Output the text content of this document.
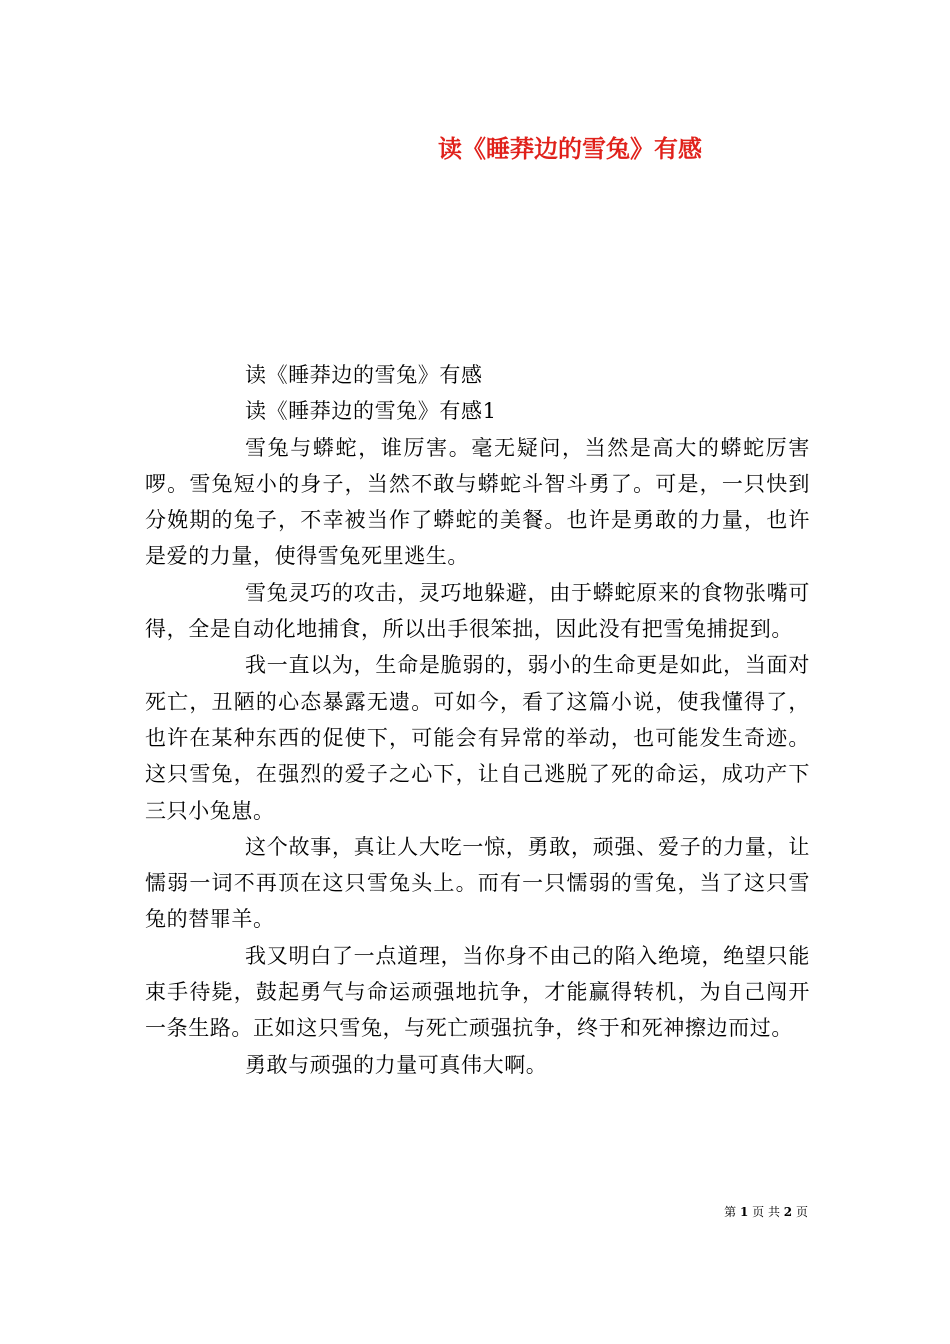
读《睡莽边的雪兔》有感

读《睡莽边的雪兔》有感

读《睡莽边的雪兔》有感1

雪兔与蟒蛇，谁厉害。毫无疑问，当然是高大的蟒蛇厉害啰。雪兔短小的身子，当然不敢与蟒蛇斗智斗勇了。可是，一只快到分娩期的兔子，不幸被当作了蟒蛇的美餐。也许是勇敢的力量，也许是爱的力量，使得雪兔死里逃生。

雪兔灵巧的攻击，灵巧地躲避，由于蟒蛇原来的食物张嘴可得，全是自动化地捕食，所以出手很笨拙，因此没有把雪兔捕捉到。

我一直以为，生命是脆弱的，弱小的生命更是如此，当面对死亡，丑陋的心态暴露无遗。可如今，看了这篇小说，使我懂得了，也许在某种东西的促使下，可能会有异常的举动，也可能发生奇迹。这只雪兔，在强烈的爱子之心下，让自己逃脱了死的命运，成功产下三只小兔崽。

这个故事，真让人大吃一惊，勇敢，顽强、爱子的力量，让懦弱一词不再顶在这只雪兔头上。而有一只懦弱的雪兔，当了这只雪兔的替罪羊。

我又明白了一点道理，当你身不由己的陷入绝境，绝望只能束手待毙，鼓起勇气与命运顽强地抗争，才能赢得转机，为自己闯开一条生路。正如这只雪兔，与死亡顽强抗争，终于和死神擦边而过。

勇敢与顽强的力量可真伟大啊。

第 1 页 共 2 页
